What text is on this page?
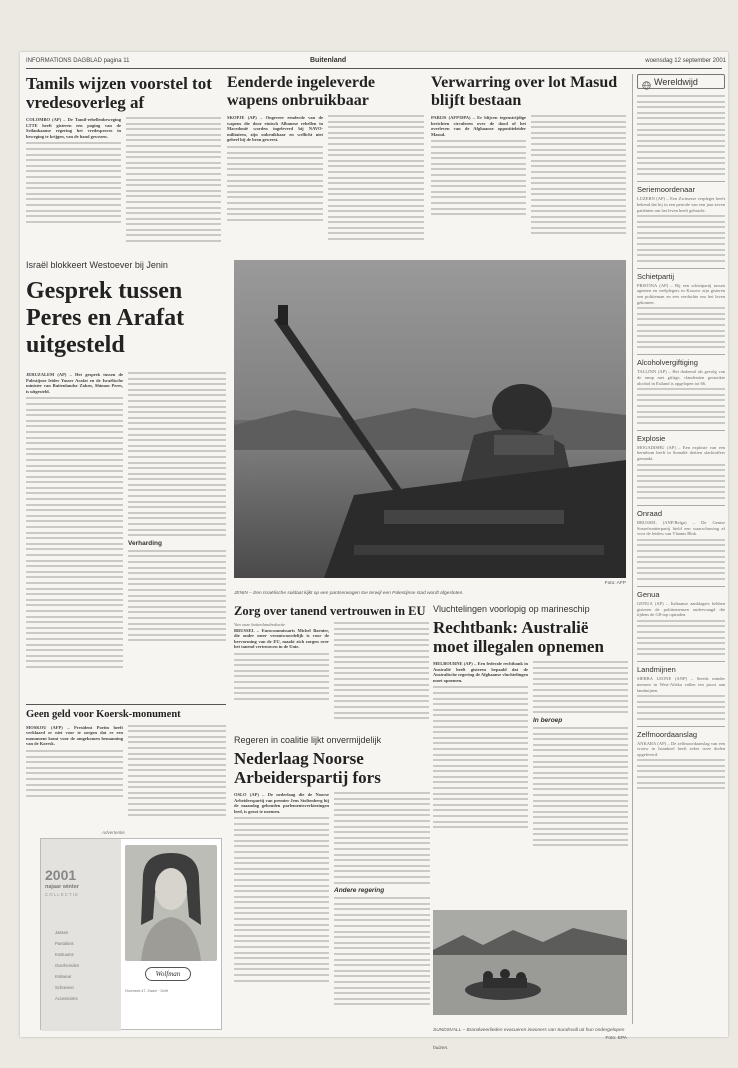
INFORMATIONS DAGBLAD pagina 11	Buitenland	woensdag 12 september 2001
Tamils wijzen voorstel tot vredesoverleg af
COLOMBO (AP) – De Tamil-rebellenbeweging LTTE heeft gisteren een poging van de Srilankaanse regering het vredesproces in beweging te krijgen, van de hand gewezen.
Eenderde ingeleverde wapens onbruikbaar
SKOPJE (AP) – Ongeveer eenderde van de wapens die door etnisch Albanese rebellen in Macedonië worden ingeleverd bij NAVO-militairen, zijn onbruikbaar en wellicht niet geheel bij de bron geweest.
Verwarring over lot Masud blijft bestaan
PARIJS (AFP/DPA) – Er blijven tegenstrijdige berichten circuleren over de dood of het overleven van de Afghaanse oppositieleider Masud.
Wereldwijd
Seriemoordenaar
LUZERN (AP) – Een Zwitserse verpleger heeft bekend dat hij in een periode van een jaar zeven patiënten om het leven heeft gebracht.
Schietpartij
PRISTINA (AP) – Bij een schietpartij tussen agenten en veelplegers in Kosovo zijn gisteren een politieman en een verdachte om het leven gekomen.
Alcoholvergiftiging
TALLINN (AP) – Het dodental als gevolg van de ramp met giftige, clandestien gestookte alcohol in Estland is opgelopen tot 66.
Explosie
MOGADISHU (AP) – Een explosie van een bermbom heeft in Somalië dertien slachtoffers gemaakt.
Onraad
BRUSSEL (ANP/Belga) – De Gentse Sossefrontierpartij hield een waarschuwing af voor de leiders van Vlaams Blok.
Genua
GENUA (AP) – Italiaanse aanklagers hebben gisteren de politiemensen ondervraagd die tijdens de G8-top optraden.
Landmijnen
SIERRA LEONE (ANP) – Steeds minder mensen in West-Afrika vallen ten prooi aan landmijnen.
Zelfmoordaanslag
ANKARA (AP) – De zelfmoordaanslag van een vrouw in Istanboel heeft zeker twee doden opgeleverd.
Israël blokkeert Westoever bij Jenin
Gesprek tussen Peres en Arafat uitgesteld
JERUZALEM (AP) – Het gesprek tussen de Palestijnse leider Yasser Arafat en de Israëlische minister van Buitenlandse Zaken, Shimon Peres, is uitgesteld.
Verharding
JENIN – Een Israëlische soldaat kijkt op een pantserwagen toe terwijl een Palestijnse stad wordt afgesloten.
Foto: AFP
Zorg over tanend vertrouwen in EU
Van onze buitenlandredactie
BRUSSEL – Eurocommissaris Michel Barnier, die onder meer verantwoordelijk is voor de hervorming van de EU, maakt zich zorgen over het tanend vertrouwen in de Unie.
Vluchtelingen voorlopig op marineschip
Rechtbank: Australië moet illegalen opnemen
MELBOURNE (AP) – Een federale rechtbank in Australië heeft gisteren bepaald dat de Australische regering de Afghaanse vluchtelingen moet opnemen.
In beroep
Geen geld voor Koersk-monument
MOSKOU (AFP) – President Poetin heeft verklaard er niet voor te zorgen dat er een monument komt voor de omgekomen bemanning van de Koersk.
Advertentie
2001
najaar winter
COLLECTIE
Jassen
Pantalons
Kostuums
Overhemden
Knitwear
Schoenen
Accessoires
Wolfman
Hoornsek 47, Zwanr · Delft
Regeren in coalitie lijkt onvermijdelijk
Nederlaag Noorse Arbeiderspartij fors
OSLO (AP) – De nederlaag die de Noorse Arbeiderspartij van premier Jens Stoltenberg bij de maandag gehouden parlementsverkiezingen leed, is groot te noemen.
Andere regering
SUNDSVALL – Brandweerlieden evacueren inwoners van Sundsvall uit hun ondergelopen huizen.
Foto: EPA
